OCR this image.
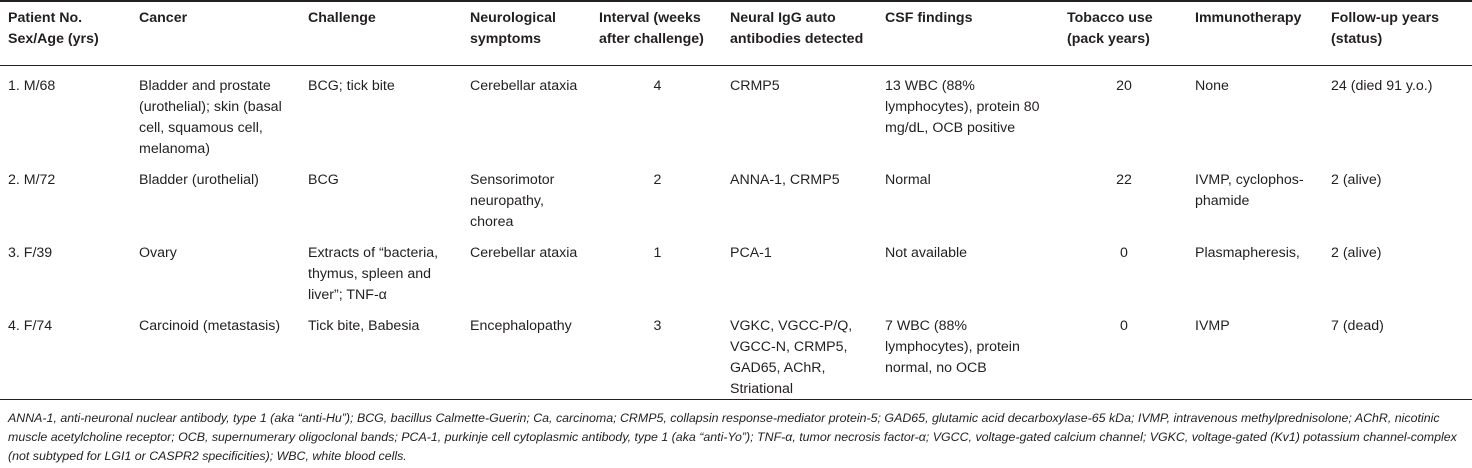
Patient No. Sex/Age (yrs)	Cancer	Challenge	Neurological symptoms	Interval (weeks after challenge)	Neural IgG auto antibodies detected	CSF findings	Tobacco use (pack years)	Immunotherapy	Follow-up years (status)
1. M/68	Bladder and prostate (urothelial); skin (basal cell, squamous cell, melanoma)	BCG; tick bite	Cerebellar ataxia	4	CRMP5	13 WBC (88% lymphocytes), protein 80 mg/dL, OCB positive	20	None	24 (died 91 y.o.)
2. M/72	Bladder (urothelial)	BCG	Sensorimotor neuropathy, chorea	2	ANNA-1, CRMP5	Normal	22	IVMP, cyclophos-phamide	2 (alive)
3. F/39	Ovary	Extracts of “bacteria, thymus, spleen and liver”; TNF-α	Cerebellar ataxia	1	PCA-1	Not available	0	Plasmapheresis,	2 (alive)
4. F/74	Carcinoid (metastasis)	Tick bite, Babesia	Encephalopathy	3	VGKC, VGCC-P/Q, VGCC-N, CRMP5, GAD65, AChR, Striational	7 WBC (88% lymphocytes), protein normal, no OCB	0	IVMP	7 (dead)

ANNA-1, anti-neuronal nuclear antibody, type 1 (aka “anti-Hu”); BCG, bacillus Calmette-Guerin; Ca, carcinoma; CRMP5, collapsin response-mediator protein-5; GAD65, glutamic acid decarboxylase-65 kDa; IVMP, intravenous methylprednisolone; AChR, nicotinic muscle acetylcholine receptor; OCB, supernumerary oligoclonal bands; PCA-1, purkinje cell cytoplasmic antibody, type 1 (aka “anti-Yo”); TNF-α, tumor necrosis factor-α; VGCC, voltage-gated calcium channel; VGKC, voltage-gated (Kv1) potassium channel-complex (not subtyped for LGI1 or CASPR2 specificities); WBC, white blood cells.
